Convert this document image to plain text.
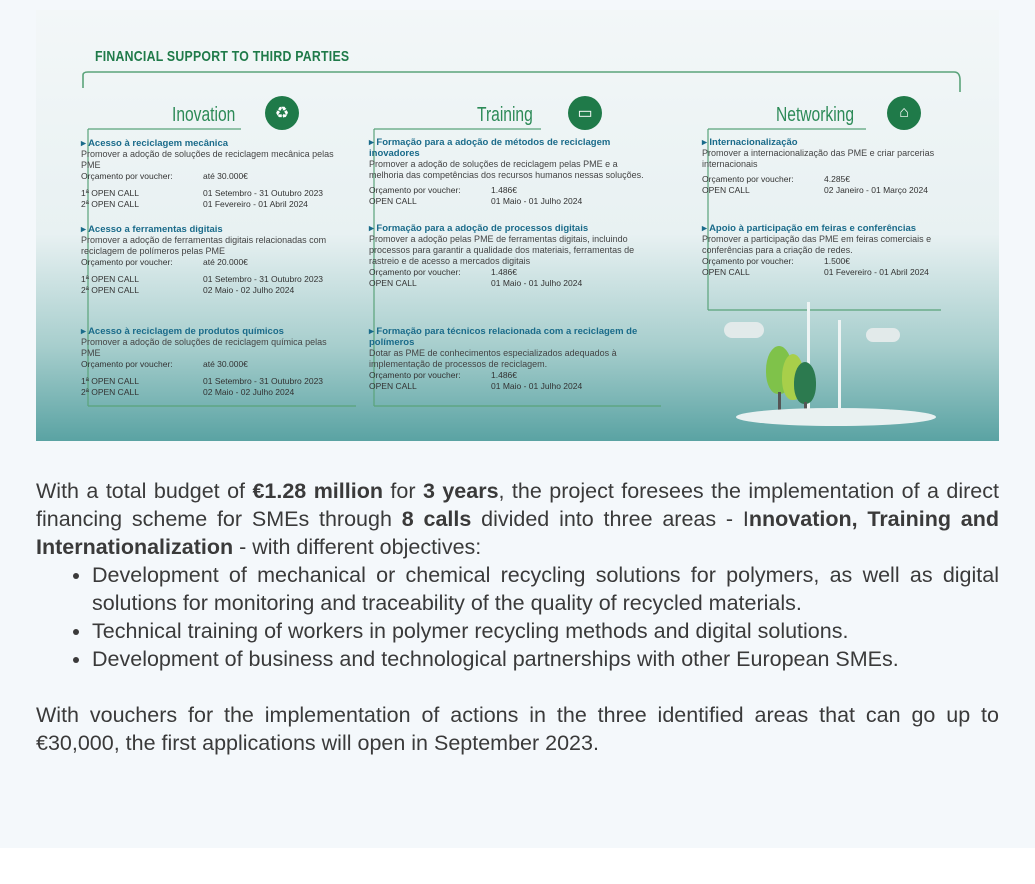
FINANCIAL SUPPORT TO THIRD PARTIES
Inovation	♻	Training	▭	Networking	⌂
▸ Acesso à reciclagem mecânica
Promover a adoção de soluções de reciclagem mecânica pelas PME
Orçamento por voucher:	até 30.000€
1ª OPEN CALL	01 Setembro - 31 Outubro 2023
2ª OPEN CALL	01 Fevereiro - 01 Abril 2024
▸ Acesso a ferramentas digitais
Promover a adoção de ferramentas digitais relacionadas com reciclagem de polímeros pelas PME
Orçamento por voucher:	até 20.000€
1ª OPEN CALL	01 Setembro - 31 Outubro 2023
2ª OPEN CALL	02 Maio - 02 Julho 2024
▸ Acesso à reciclagem de produtos químicos
Promover a adoção de soluções de reciclagem química pelas PME
Orçamento por voucher:	até 30.000€
1ª OPEN CALL	01 Setembro - 31 Outubro 2023
2ª OPEN CALL	02 Maio - 02 Julho 2024
▸ Formação para a adoção de métodos de reciclagem inovadores
Promover a adoção de soluções de reciclagem pelas PME e a melhoria das competências dos recursos humanos nessas soluções.
Orçamento por voucher:	1.486€
OPEN CALL	01 Maio - 01 Julho 2024
▸ Formação para a adoção de processos digitais
Promover a adoção pelas PME de ferramentas digitais, incluindo processos para garantir a qualidade dos materiais, ferramentas de rastreio e de acesso a mercados digitais
Orçamento por voucher:	1.486€
OPEN CALL	01 Maio - 01 Julho 2024
▸ Formação para técnicos relacionada com a reciclagem de polímeros
Dotar as PME de conhecimentos especializados adequados à implementação de processos de reciclagem.
Orçamento por voucher:	1.486€
OPEN CALL	01 Maio - 01 Julho 2024
▸ Internacionalização
Promover a internacionalização das PME e criar parcerias internacionais
Orçamento por voucher:	4.285€
OPEN CALL	02 Janeiro - 01 Março 2024
▸ Apoio à participação em feiras e conferências
Promover a participação das PME em feiras comerciais e conferências para a criação de redes.
Orçamento por voucher:	1.500€
OPEN CALL	01 Fevereiro - 01 Abril 2024

With a total budget of €1.28 million for 3 years, the project foresees the implementation of a direct financing scheme for SMEs through 8 calls divided into three areas - Innovation, Training and Internationalization - with different objectives:

• Development of mechanical or chemical recycling solutions for polymers, as well as digital solutions for monitoring and traceability of the quality of recycled materials.
• Technical training of workers in polymer recycling methods and digital solutions.
• Development of business and technological partnerships with other European SMEs.

With vouchers for the implementation of actions in the three identified areas that can go up to €30,000, the first applications will open in September 2023.
